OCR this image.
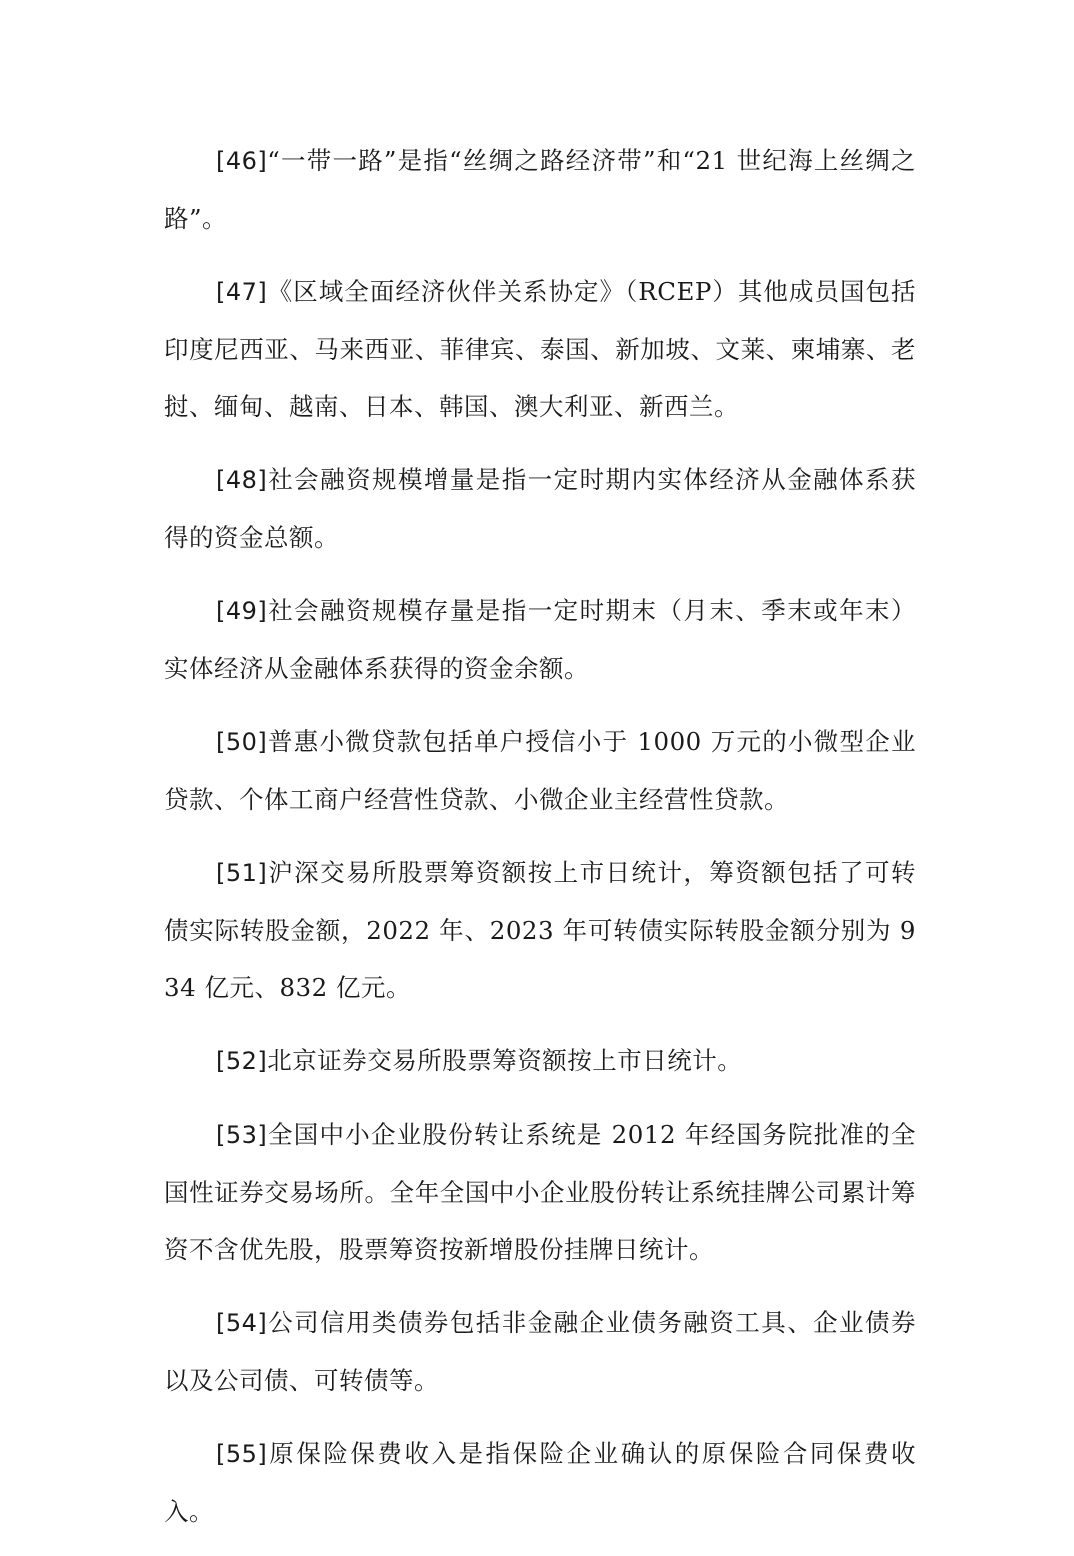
[46]“一带一路”是指“丝绸之路经济带”和“21 世纪海上丝绸之路”。

[47]《区域全面经济伙伴关系协定》（RCEP）其他成员国包括印度尼西亚、马来西亚、菲律宾、泰国、新加坡、文莱、柬埔寨、老挝、缅甸、越南、日本、韩国、澳大利亚、新西兰。

[48]社会融资规模增量是指一定时期内实体经济从金融体系获得的资金总额。

[49]社会融资规模存量是指一定时期末（月末、季末或年末）实体经济从金融体系获得的资金余额。

[50]普惠小微贷款包括单户授信小于 1000 万元的小微型企业贷款、个体工商户经营性贷款、小微企业主经营性贷款。

[51]沪深交易所股票筹资额按上市日统计，筹资额包括了可转债实际转股金额，2022 年、2023 年可转债实际转股金额分别为 934 亿元、832 亿元。

[52]北京证券交易所股票筹资额按上市日统计。

[53]全国中小企业股份转让系统是 2012 年经国务院批准的全国性证券交易场所。全年全国中小企业股份转让系统挂牌公司累计筹资不含优先股，股票筹资按新增股份挂牌日统计。

[54]公司信用类债券包括非金融企业债务融资工具、企业债券以及公司债、可转债等。

[55]原保险保费收入是指保险企业确认的原保险合同保费收入。
